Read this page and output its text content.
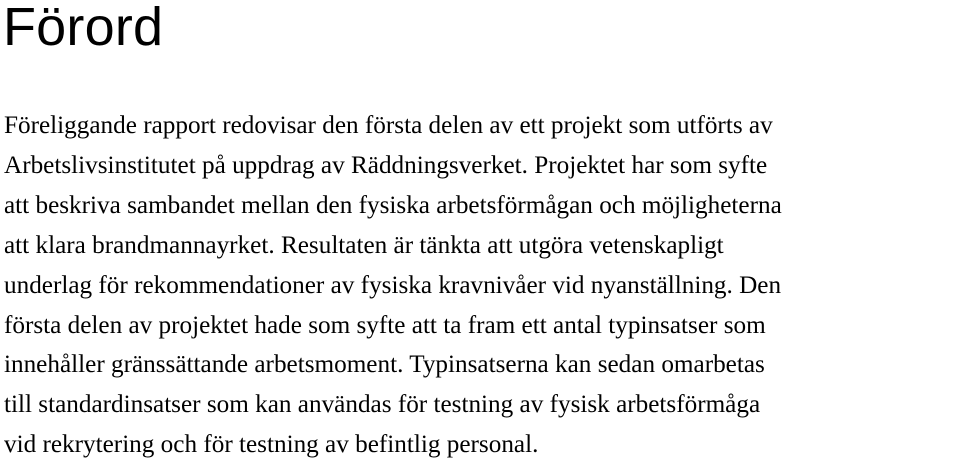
Förord

Föreliggande rapport redovisar den första delen av ett projekt som utförts av
Arbetslivsinstitutet på uppdrag av Räddningsverket. Projektet har som syfte
att beskriva sambandet mellan den fysiska arbetsförmågan och möjligheterna
att klara brandmannayrket. Resultaten är tänkta att utgöra vetenskapligt
underlag för rekommendationer av fysiska kravnivåer vid nyanställning. Den
första delen av projektet hade som syfte att ta fram ett antal typinsatser som
innehåller gränssättande arbetsmoment. Typinsatserna kan sedan omarbetas
till standardinsatser som kan användas för testning av fysisk arbetsförmåga
vid rekrytering och för testning av befintlig personal.
